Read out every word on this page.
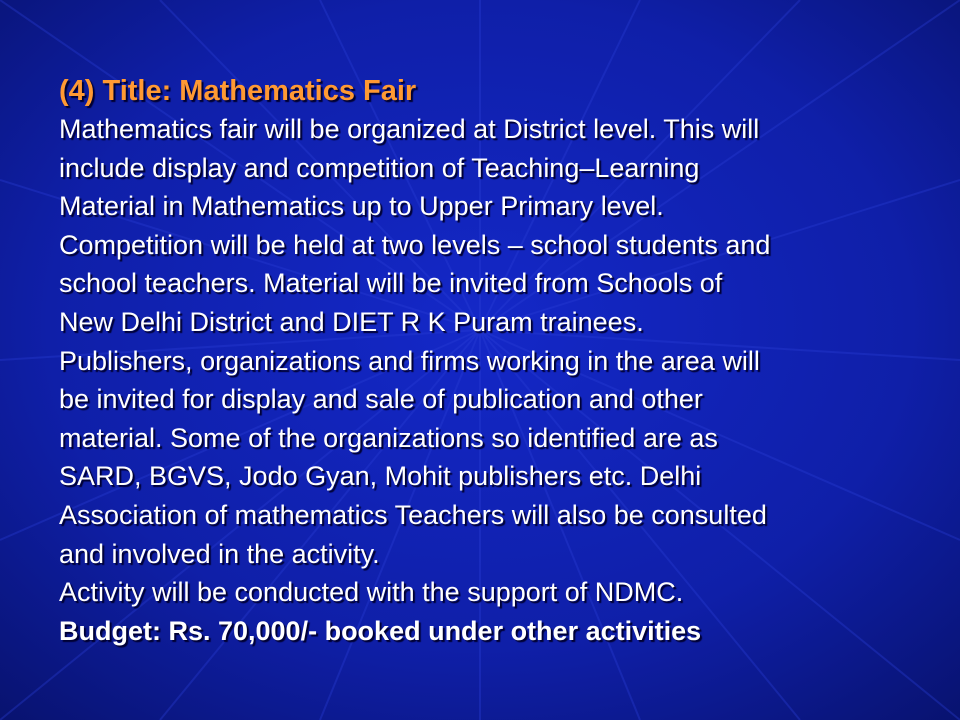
(4) Title: Mathematics Fair

Mathematics fair will be organized at District level. This will
include display and competition of Teaching–Learning
Material in Mathematics up to Upper Primary level.
Competition will be held at two levels – school students and
school teachers. Material will be invited from Schools of
New Delhi District and DIET R K Puram trainees.
Publishers, organizations and firms working in the area will
be invited for display and sale of publication and other
material. Some of the organizations so identified are as
SARD, BGVS, Jodo Gyan, Mohit publishers etc. Delhi
Association of mathematics Teachers will also be consulted
and involved in the activity.
Activity will be conducted with the support of NDMC.

Budget: Rs. 70,000/- booked under other activities
